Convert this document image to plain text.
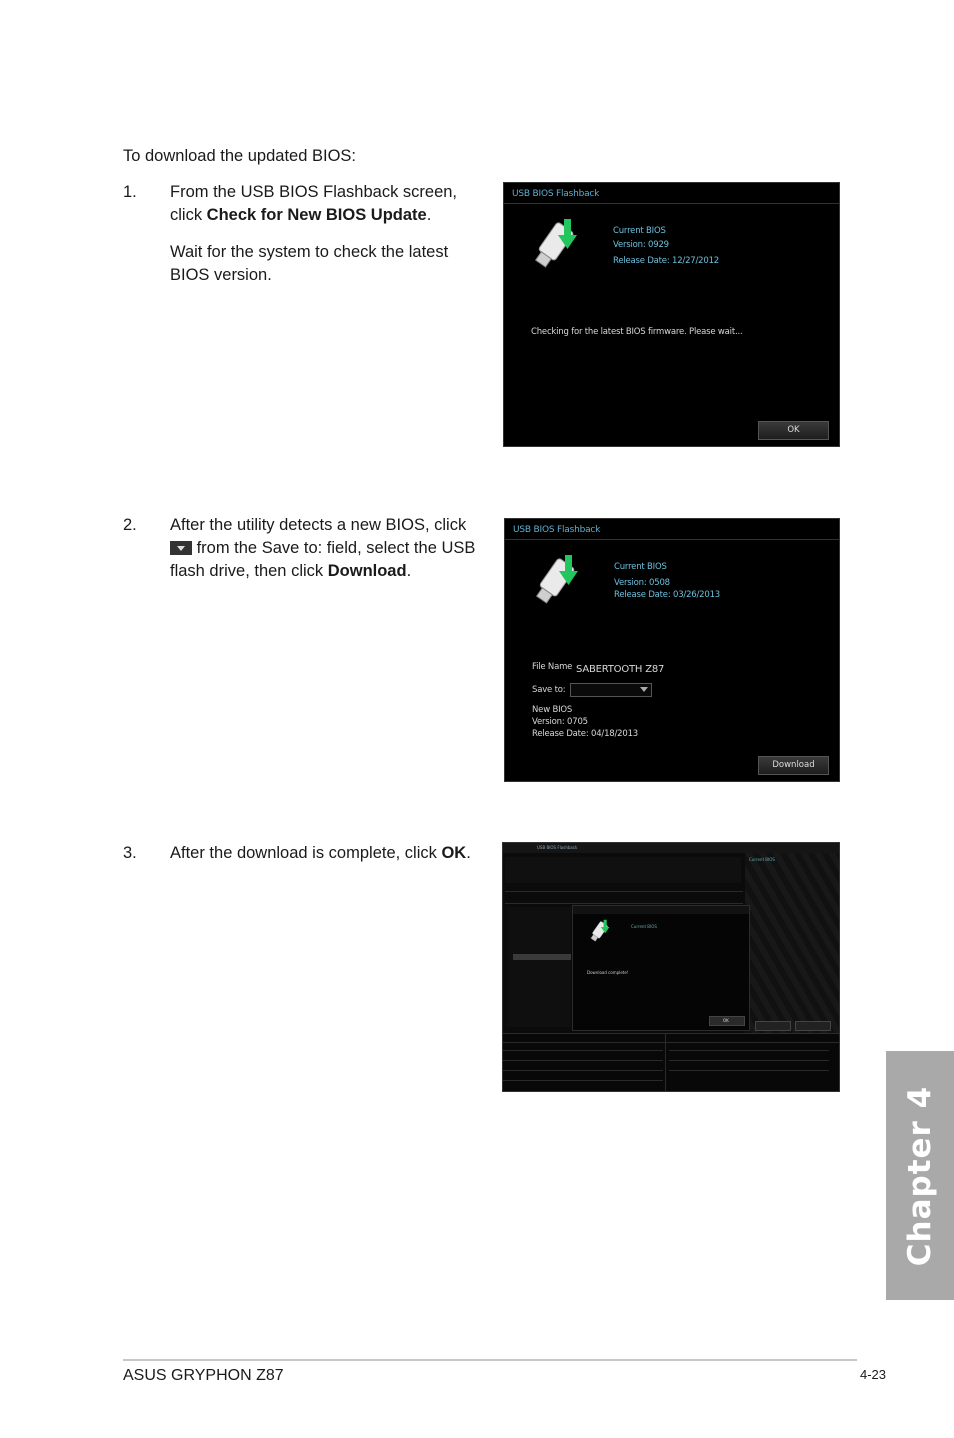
To download the updated BIOS:
1. From the USB BIOS Flashback screen,
click Check for New BIOS Update.
Wait for the system to check the latest
BIOS version.
USB BIOS Flashback
Current BIOS
Version: 0929
Release Date: 12/27/2012
Checking for the latest BIOS firmware. Please wait...
OK
2. After the utility detects a new BIOS, click
from the Save to: field, select the USB
flash drive, then click Download.
USB BIOS Flashback
Current BIOS
Version: 0508
Release Date: 03/26/2013
File Name SABERTOOTH Z87
Save to:
New BIOS
Version: 0705
Release Date: 04/18/2013
Download
3. After the download is complete, click OK.	USB BIOS Flashback
Current BIOS
Current BIOS
Download complete!
OK
Chapter 4
ASUS GRYPHON Z87	4-23
